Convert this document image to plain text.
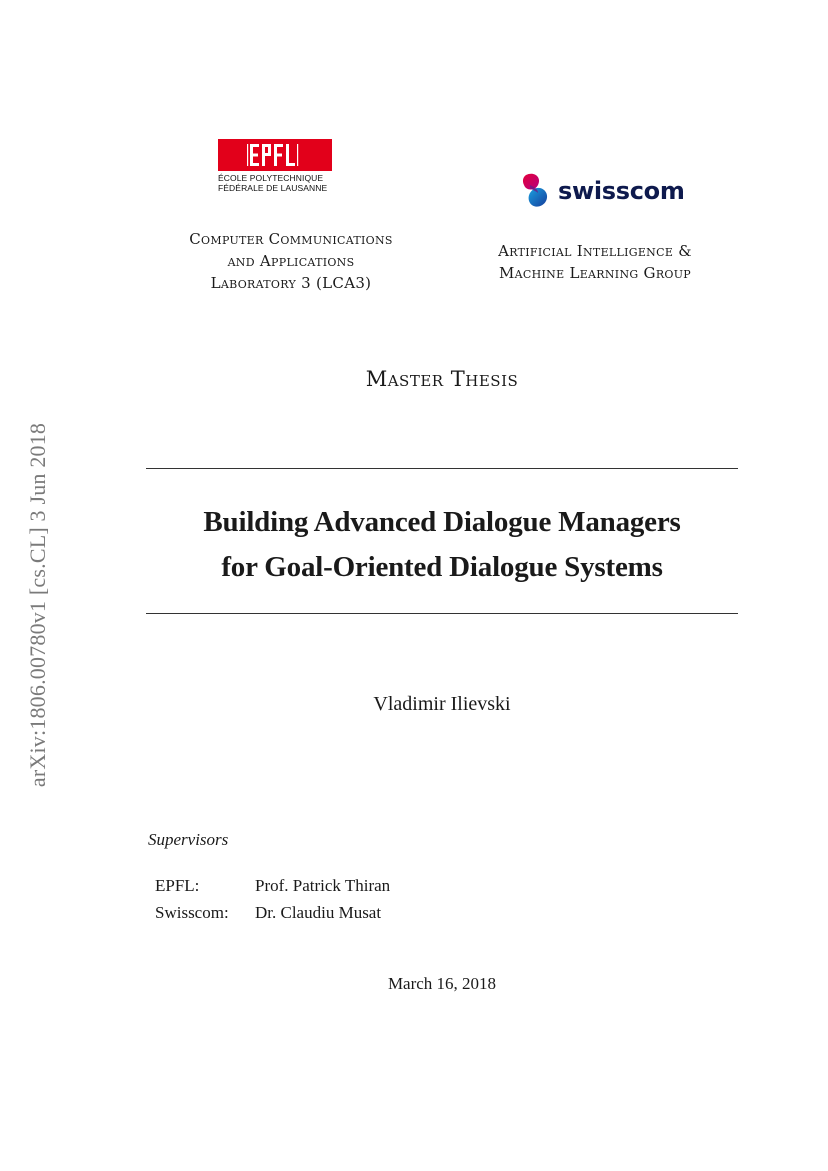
arXiv:1806.00780v1 [cs.CL] 3 Jun 2018
ÉCOLE POLYTECHNIQUE
FÉDÉRALE DE LAUSANNE	swisscom
Computer Communications
and Applications
Laboratory 3 (LCA3)
Artificial Intelligence &
Machine Learning Group
Master Thesis
Building Advanced Dialogue Managers
for Goal-Oriented Dialogue Systems
Vladimir Ilievski
Supervisors
EPFL:	Prof. Patrick Thiran
Swisscom:	Dr. Claudiu Musat
March 16, 2018
